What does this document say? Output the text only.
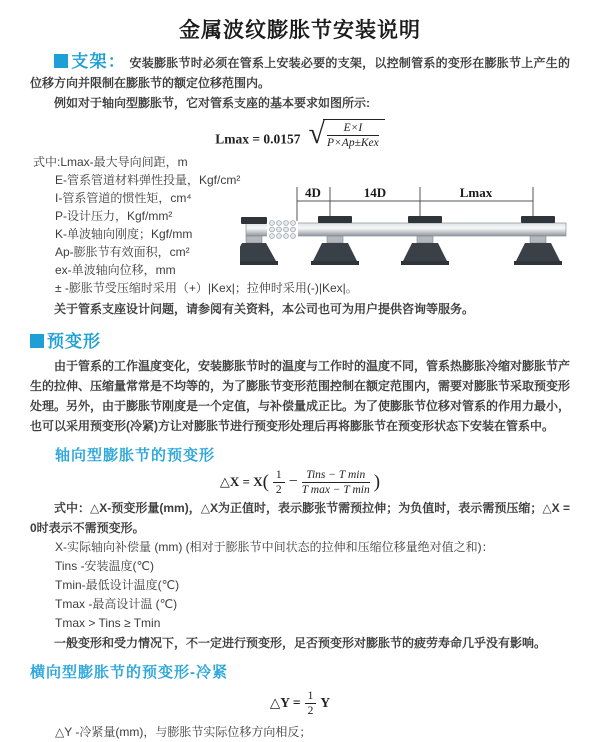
金属波纹膨胀节安装说明

支架： 安装膨胀节时必须在管系上安装必要的支架，以控制管系的变形在膨胀节上产生的位移方向并限制在膨胀节的额定位移范围内。

例如对于轴向型膨胀节，它对管系支座的基本要求如图所示:

Lmax = 0.0157 √ $\frac{E\times I}{\text{P×Ap±Kex}}$
式中:Lmax-最大导向间距，m
E-管系管道材料弹性投量，Kgf/cm²
I-管系管道的惯性矩，cm⁴
P-设计压力，Kgf/mm²
K-单波轴向刚度；Kgf/mm
Ap-膨胀节有效面积，cm²
ex-单波轴向位移，mm
± -膨胀节受压缩时采用（+）|Kex|；拉伸时采用(-)|Kex|。
关于管系支座设计问题，请参阅有关资料，本公司也可为用户提供咨询等服务。
4D	14D	Lmax
预变形

由于管系的工作温度变化，安装膨胀节时的温度与工作时的温度不同，管系热膨胀冷缩对膨胀节产生的拉伸、压缩量常常是不均等的，为了膨胀节变形范围控制在额定范围内，需要对膨胀节采取预变形处理。另外，由于膨胀节刚度是一个定值，与补偿量成正比。为了使膨胀节位移对管系的作用力最小，也可以采用预变形(冷紧)方让对膨胀节进行预变形处理后再将膨胀节在预变形状态下安装在管系中。

轴向型膨胀节的预变形
△X = $X( \frac{1}{2} - \frac{\text{Tins − T min}}{\text{T max − T min}}$ )

式中：△X-预变形量(mm)，△X为正值时，表示膨张节需预拉伸；为负值时，表示需预压缩；△X = 0时表示不需预变形。

X-实际轴向补偿量 (mm) (相对于膨胀节中间状态的拉伸和压缩位移量绝对值之和)：
Tins -安装温度(℃)
Tmin-最低设计温度(℃)
Tmax -最高设计温 (℃)
Tmax > Tins ≥ Tmin

一般变形和受力情况下，不一定进行预变形，足否预变形对膨胀节的疲劳寿命几乎没有影响。

横向型膨胀节的预变形-冷紧
△Y = $\frac{1}{2}$ Y
△Y -冷紧量(mm)，与膨胀节实际位移方向相反；
